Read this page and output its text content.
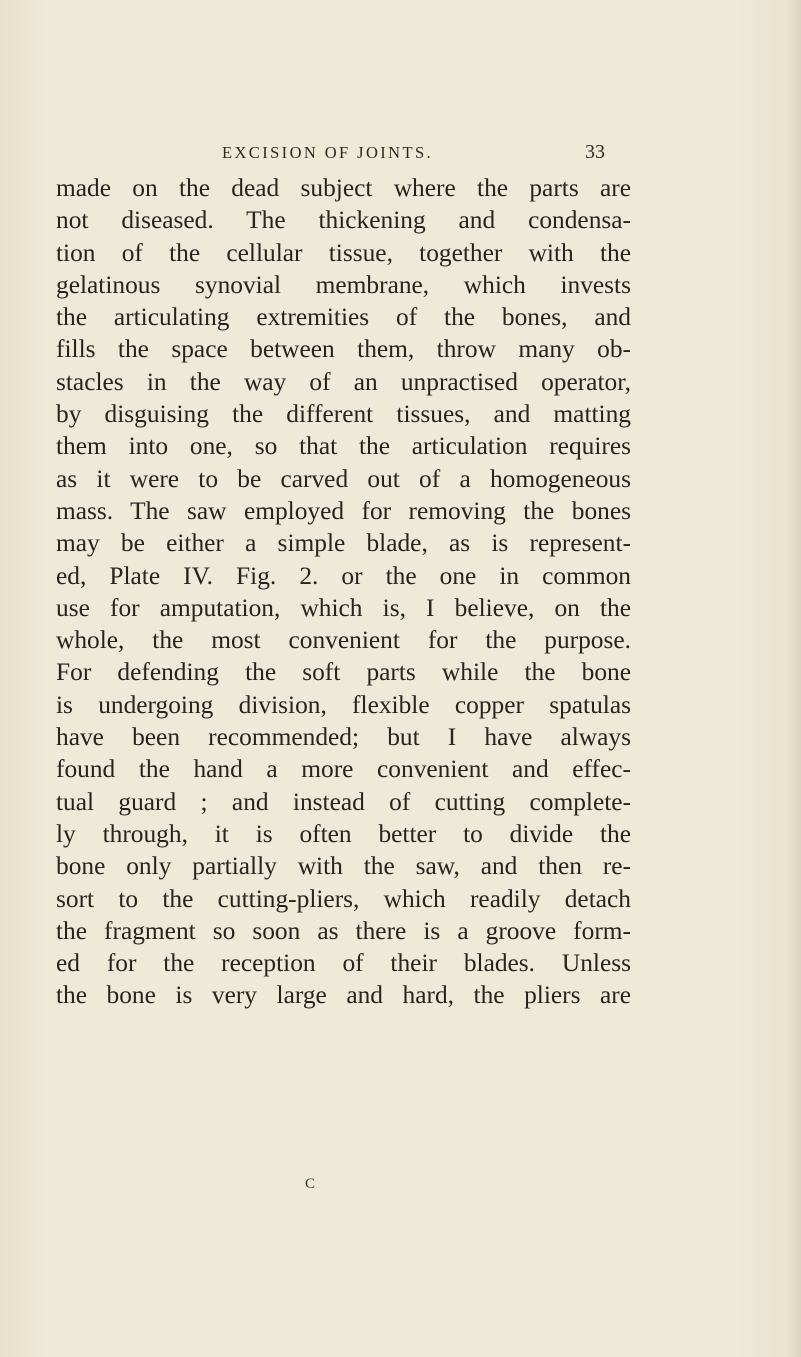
EXCISION OF JOINTS.	33
made on the dead subject where the parts are
not diseased. The thickening and condensa-
tion of the cellular tissue, together with the
gelatinous synovial membrane, which invests
the articulating extremities of the bones, and
fills the space between them, throw many ob-
stacles in the way of an unpractised operator,
by disguising the different tissues, and matting
them into one, so that the articulation requires
as it were to be carved out of a homogeneous
mass. The saw employed for removing the bones
may be either a simple blade, as is represent-
ed, Plate IV. Fig. 2. or the one in common
use for amputation, which is, I believe, on the
whole, the most convenient for the purpose.
For defending the soft parts while the bone
is undergoing division, flexible copper spatulas
have been recommended; but I have always
found the hand a more convenient and effec-
tual guard ; and instead of cutting complete-
ly through, it is often better to divide the
bone only partially with the saw, and then re-
sort to the cutting-pliers, which readily detach
the fragment so soon as there is a groove form-
ed for the reception of their blades. Unless
the bone is very large and hard, the pliers are
C
